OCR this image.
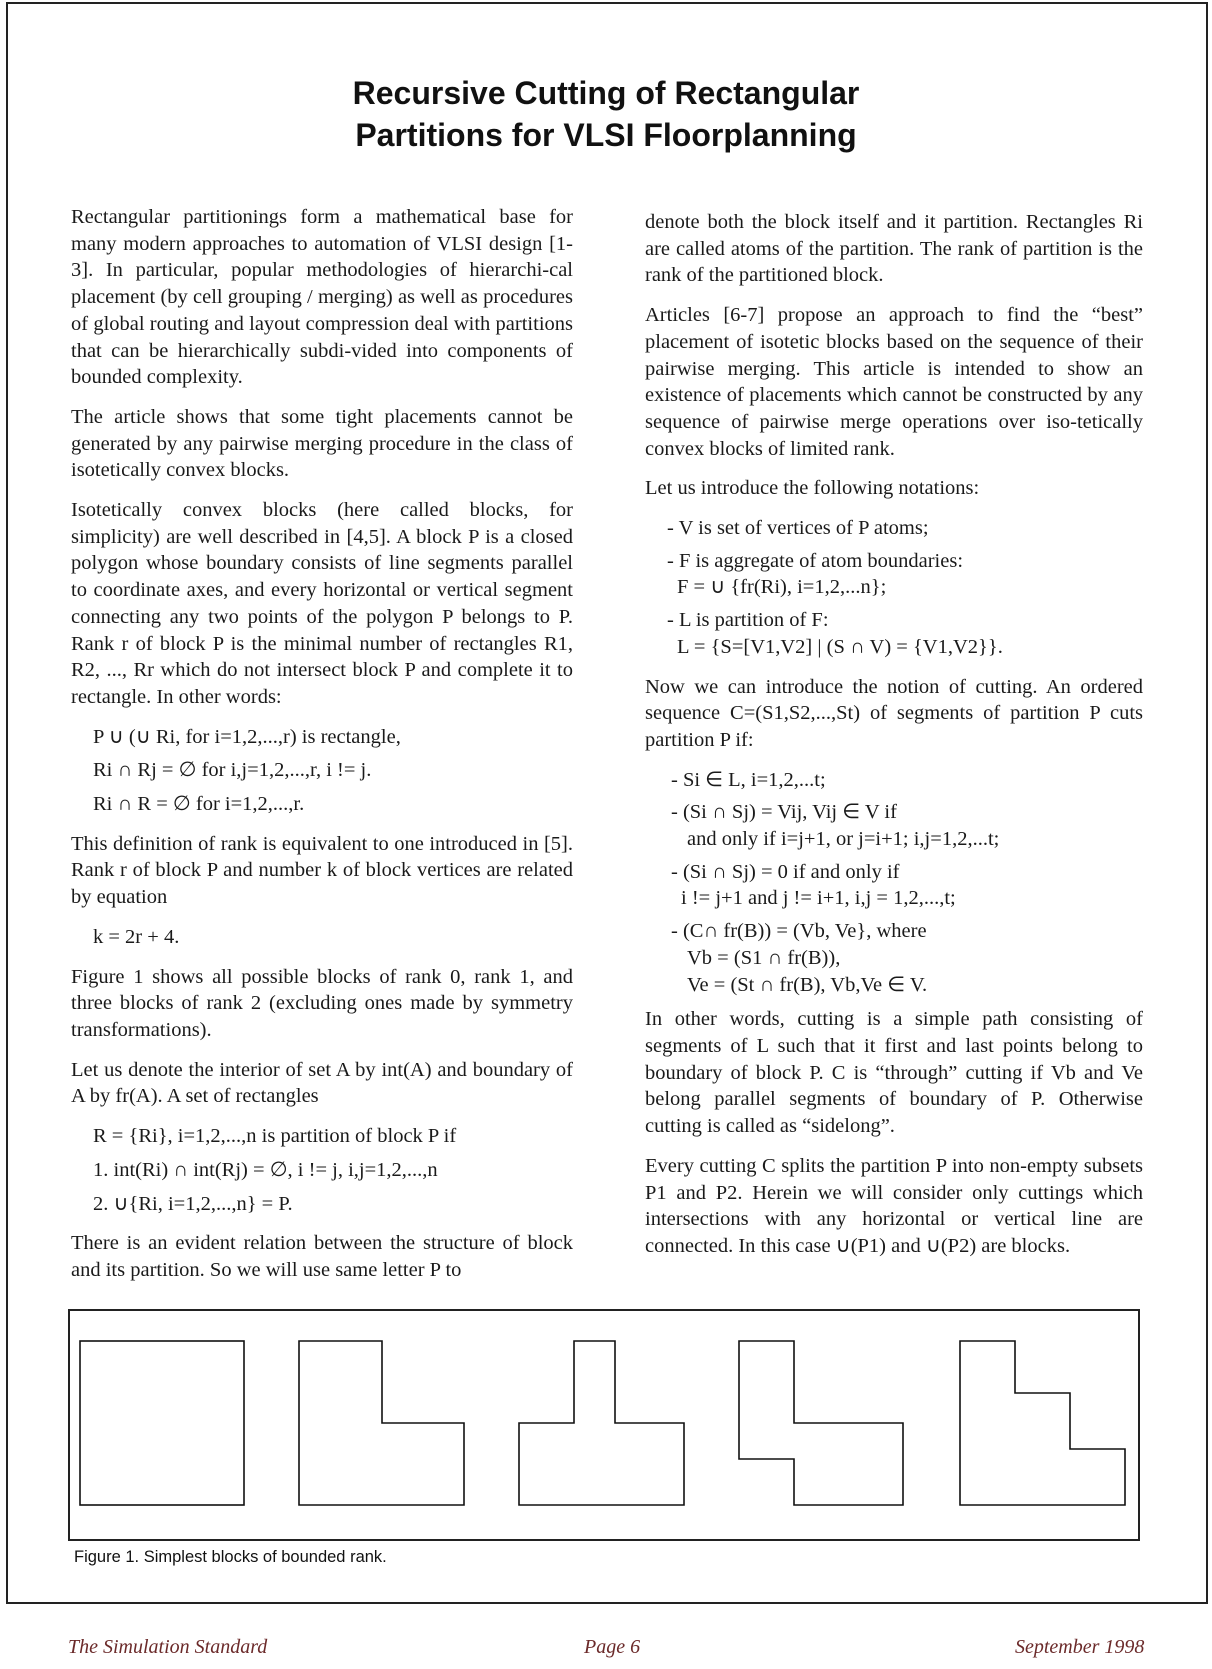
Recursive Cutting of Rectangular
Partitions for VLSI Floorplanning

Rectangular partitionings form a mathematical base for many modern approaches to automation of VLSI design [1-3]. In particular, popular methodologies of hierarchi-cal placement (by cell grouping / merging) as well as procedures of global routing and layout compression deal with partitions that can be hierarchically subdi-vided into components of bounded complexity.

The article shows that some tight placements cannot be generated by any pairwise merging procedure in the class of isotetically convex blocks.

Isotetically convex blocks (here called blocks, for simplicity) are well described in [4,5]. A block P is a closed polygon whose boundary consists of line segments parallel to coordinate axes, and every horizontal or vertical segment connecting any two points of the polygon P belongs to P. Rank r of block P is the minimal number of rectangles R1, R2, ..., Rr which do not intersect block P and complete it to rectangle. In other words:

P ∪ (∪ Ri, for i=1,2,...,r) is rectangle,
Ri ∩ Rj = ∅ for i,j=1,2,...,r, i != j.
Ri ∩ R = ∅ for i=1,2,...,r.

This definition of rank is equivalent to one introduced in [5]. Rank r of block P and number k of block vertices are related by equation

k = 2r + 4.

Figure 1 shows all possible blocks of rank 0, rank 1, and three blocks of rank 2 (excluding ones made by symmetry transformations).

Let us denote the interior of set A by int(A) and boundary of A by fr(A). A set of rectangles

R = {Ri}, i=1,2,...,n is partition of block P if
1. int(Ri) ∩ int(Rj) = ∅, i != j, i,j=1,2,...,n
2. ∪{Ri, i=1,2,...,n} = P.

There is an evident relation between the structure of block and its partition. So we will use same letter P to

denote both the block itself and it partition. Rectangles Ri are called atoms of the partition. The rank of partition is the rank of the partitioned block.

Articles [6-7] propose an approach to find the “best” placement of isotetic blocks based on the sequence of their pairwise merging. This article is intended to show an existence of placements which cannot be constructed by any sequence of pairwise merge operations over iso-tetically convex blocks of limited rank.

Let us introduce the following notations:

- V is set of vertices of P atoms;
- F is aggregate of atom boundaries:
F = ∪ {fr(Ri), i=1,2,...n};
- L is partition of F:
L = {S=[V1,V2] | (S ∩ V) = {V1,V2}}.

Now we can introduce the notion of cutting. An ordered sequence C=(S1,S2,...,St) of segments of partition P cuts partition P if:

- Si ∈ L, i=1,2,...t;
- (Si ∩ Sj) = Vij, Vij ∈ V if
and only if i=j+1, or j=i+1; i,j=1,2,...t;
- (Si ∩ Sj) = 0 if and only if
i != j+1 and j != i+1, i,j = 1,2,...,t;
- (C∩ fr(B)) = (Vb, Ve}, where
Vb = (S1 ∩ fr(B)),
Ve = (St ∩ fr(B), Vb,Ve ∈ V.

In other words, cutting is a simple path consisting of segments of L such that it first and last points belong to boundary of block P. C is “through” cutting if Vb and Ve belong parallel segments of boundary of P. Otherwise cutting is called as “sidelong”.

Every cutting C splits the partition P into non-empty subsets P1 and P2. Herein we will consider only cuttings which intersections with any horizontal or vertical line are connected. In this case ∪(P1) and ∪(P2) are blocks.

Figure 1. Simplest blocks of bounded rank.
The Simulation Standard	Page 6	September 1998
